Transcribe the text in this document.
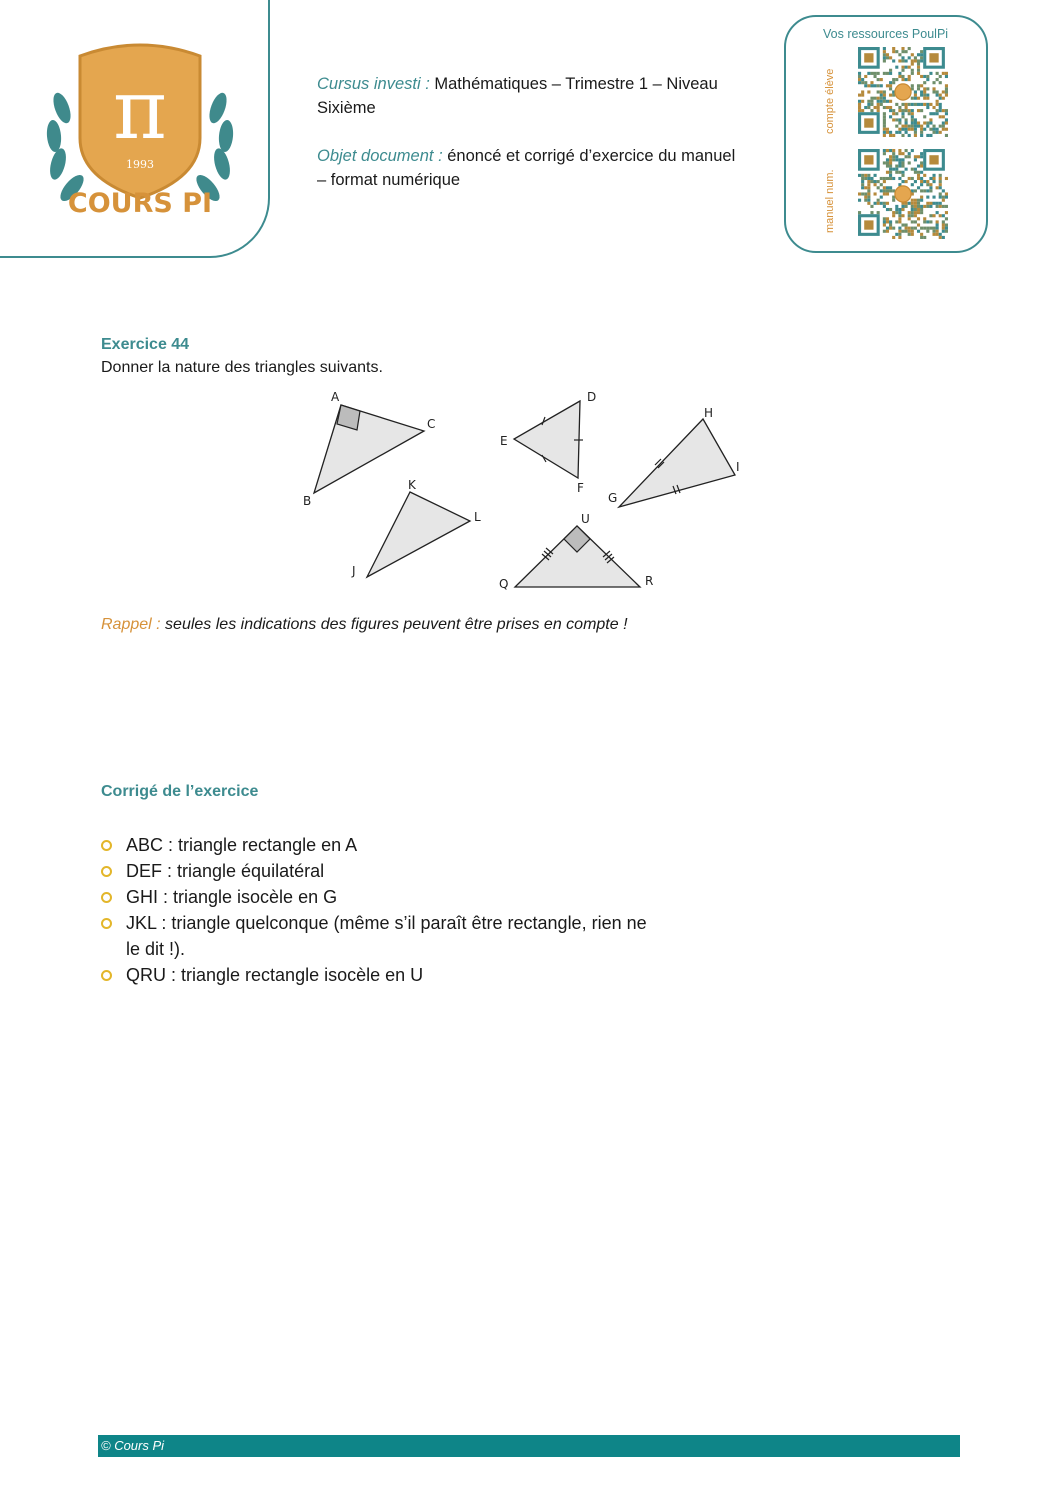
π
1993
COURS PI

Cursus investi : Mathématiques – Trimestre 1 – Niveau Sixième

Objet document : énoncé et corrigé d’exercice du manuel – format numérique

Vos ressources PoulPi
compte élève
manuel num.
Exercice 44
Donner la nature des triangles suivants.
A
B
C
D
E
F
G
H
I
J
K
L
Q	R
U
Rappel : seules les indications des figures peuvent être prises en compte !
Corrigé de l’exercice
ABC : triangle rectangle en A
DEF : triangle équilatéral
GHI : triangle isocèle en G
JKL : triangle quelconque (même s’il paraît être rectangle, rien ne le dit !).
QRU : triangle rectangle isocèle en U
© Cours Pi
